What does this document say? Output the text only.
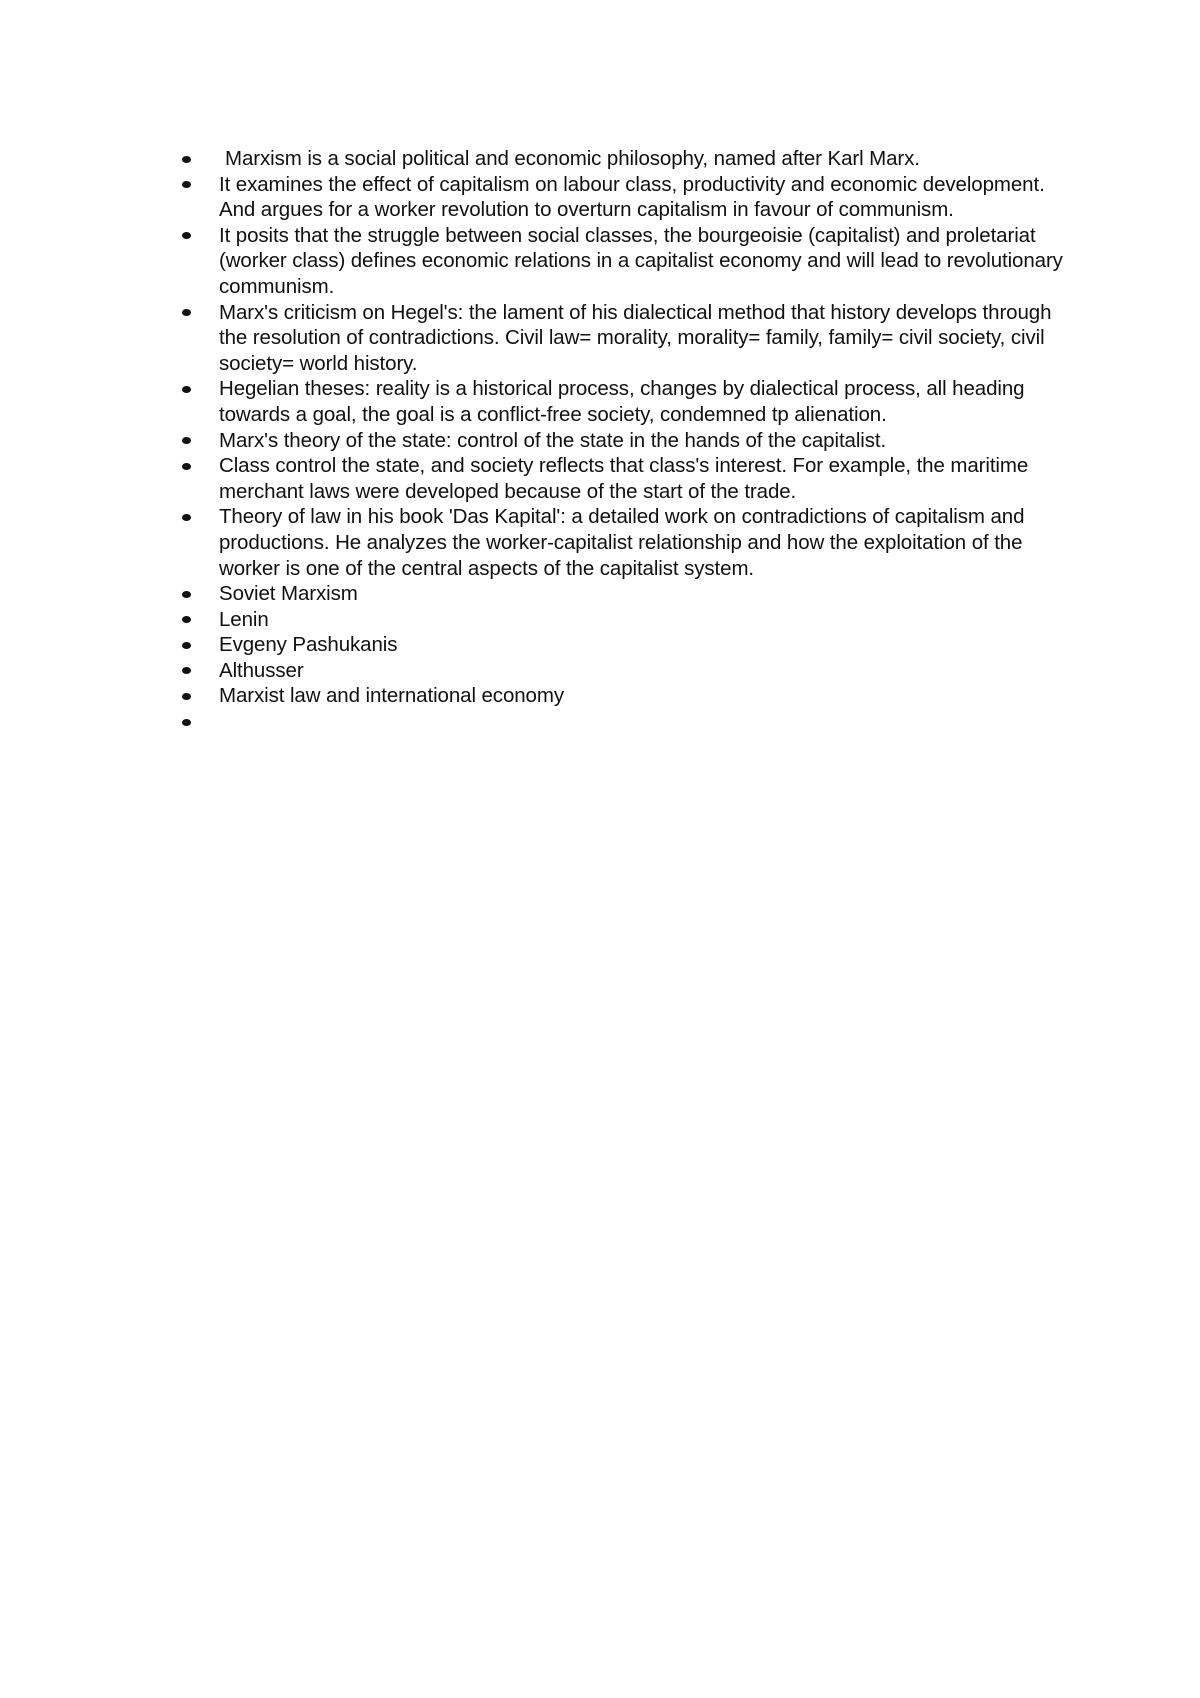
Marxism is a social political and economic philosophy, named after Karl Marx.
It examines the effect of capitalism on labour class, productivity and economic development. And argues for a worker revolution to overturn capitalism in favour of communism.
It posits that the struggle between social classes, the bourgeoisie (capitalist) and proletariat (worker class) defines economic relations in a capitalist economy and will lead to revolutionary communism.
Marx's criticism on Hegel's: the lament of his dialectical method that history develops through the resolution of contradictions. Civil law= morality, morality= family, family= civil society, civil society= world history.
Hegelian theses: reality is a historical process, changes by dialectical process, all heading towards a goal, the goal is a conflict-free society, condemned tp alienation.
Marx's theory of the state: control of the state in the hands of the capitalist.
Class control the state, and society reflects that class's interest. For example, the maritime merchant laws were developed because of the start of the trade.
Theory of law in his book 'Das Kapital': a detailed work on contradictions of capitalism and productions. He analyzes the worker-capitalist relationship and how the exploitation of the worker is one of the central aspects of the capitalist system.
Soviet Marxism
Lenin
Evgeny Pashukanis
Althusser
Marxist law and international economy
